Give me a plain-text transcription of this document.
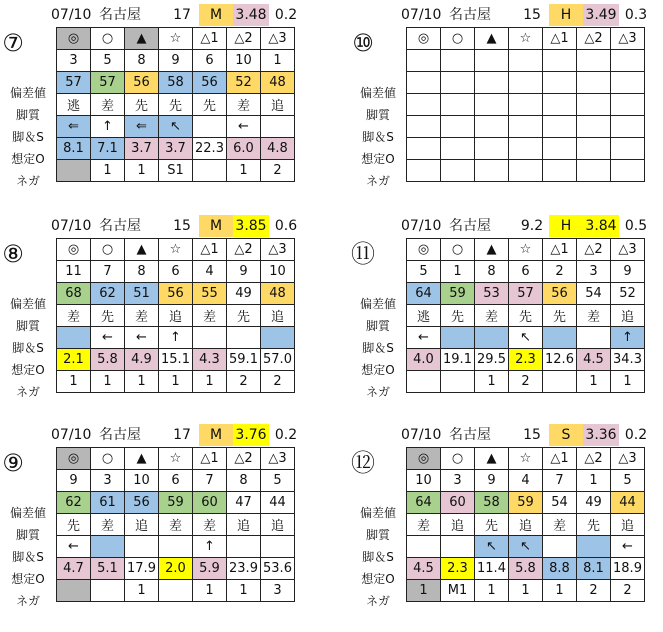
07/10 名古屋	17	M 3.48 0.2
⑦
偏差値
脚質
脚＆S
想定O
ネガ
◎	○	▲	☆	△1	△2	△3
3	5	8	9	6	10	1
57	57	56	58	56	52	48
逃	差	先	先	先	差	追
⇐	↑	⇐	↖		←	
8.1	7.1	3.7	3.7	22.3	6.0	4.8
	1	1	S1		1	2
07/10 名古屋	15	H	3.49 0.3
⑩
偏差値
脚質
脚＆S
想定O
ネガ
◎	○	▲	☆	△1	△2	△3

07/10 名古屋	15	M 3.85 0.6
⑧
偏差値
脚質
脚＆S
想定O
ネガ
◎	○	▲	☆	△1	△2	△3
11	7	8	6	4	9	10
68	62	51	56	55	49	48
差	先	差	追	差	先	追
	←	←	↑			
2.1	5.8	4.9	15.1	4.3	59.1	57.0
1	1	1	1	1	2	2
07/10 名古屋	9.2	H	3.84 0.5
⑪
偏差値
脚質
脚＆S
想定O
ネガ
◎	○	▲	☆	△1	△2	△3
5	1	8	6	2	3	9
64	59	53	57	56	54	52
逃	先	差	先	先	差	追
←			↖			↑
4.0	19.1	29.5	2.3	12.6	4.5	34.3
		1	2		1	1
07/10 名古屋	17	M 3.76 0.2
⑨
偏差値
脚質
脚＆S
想定O
ネガ
◎	○	▲	☆	△1	△2	△3
9	3	10	6	7	8	5
62	61	56	59	60	47	44
先	差	追	差	差	追	追
←				↑		
4.7	5.1	17.9	2.0	5.9	23.9	53.6
		1		1	1	3
07/10 名古屋	15	S	3.36 0.2
⑫
偏差値
脚質
脚＆S
想定O
ネガ
◎	○	▲	☆	△1	△2	△3
10	3	9	4	7	1	5
64	60	58	59	54	49	44
差	追	先	追	差	先	追
		↖	↖			←
4.5	2.3	11.4	5.8	8.8	8.1	18.9
1	M1	1	1	1	2	2
